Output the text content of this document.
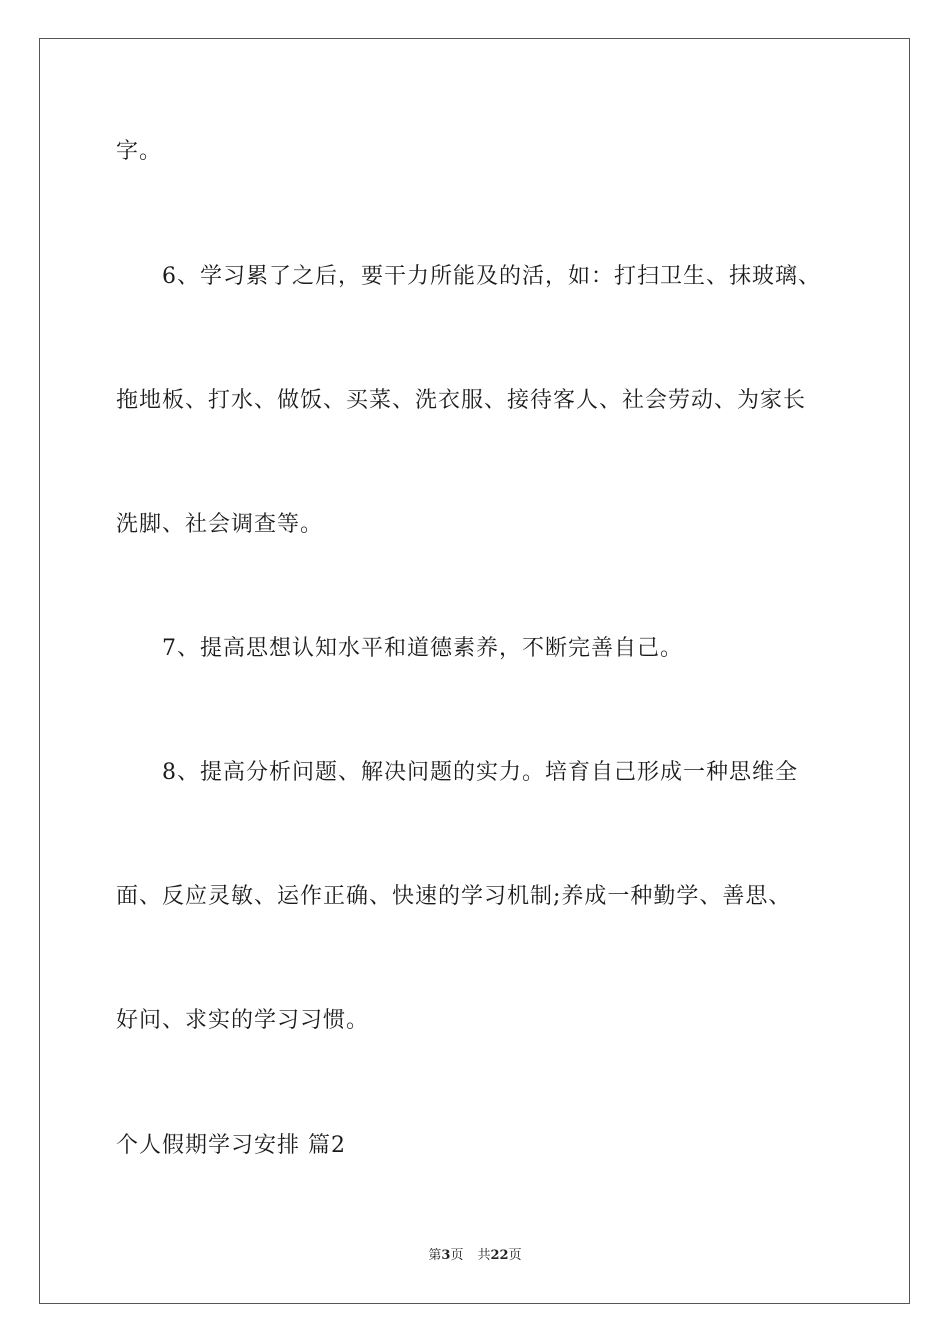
字。
6、学习累了之后，要干力所能及的活，如：打扫卫生、抹玻璃、
拖地板、打水、做饭、买菜、洗衣服、接待客人、社会劳动、为家长
洗脚、社会调查等。
7、提高思想认知水平和道德素养，不断完善自己。
8、提高分析问题、解决问题的实力。培育自己形成一种思维全
面、反应灵敏、运作正确、快速的学习机制;养成一种勤学、善思、
好问、求实的学习习惯。
个人假期学习安排 篇2
第3页 共22页
